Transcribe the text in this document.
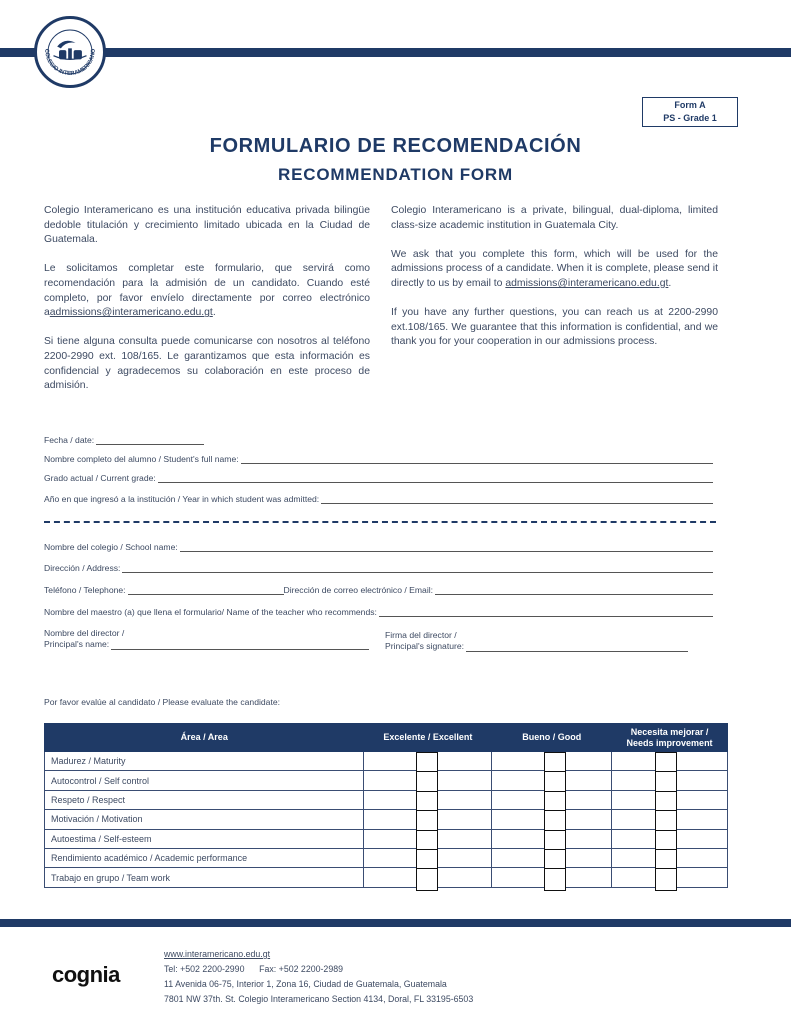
COLEGIO INTERAMERICANO
Form A
PS - Grade 1
FORMULARIO DE RECOMENDACIÓN
RECOMMENDATION FORM

Colegio Interamericano es una institución educativa privada bilingüe dedoble titulación y crecimiento limitado ubicada en la Ciudad de Guatemala.

Le solicitamos completar este formulario, que servirá como recomendación para la admisión de un candidato. Cuando esté completo, por favor envíelo directamente por correo electrónico aadmissions@interamericano.edu.gt.

Si tiene alguna consulta puede comunicarse con nosotros al teléfono 2200-2990 ext. 108/165. Le garantizamos que esta información es confidencial y agradecemos su colaboración en este proceso de admisión.

Colegio Interamericano is a private, bilingual, dual-diploma, limited class-size academic institution in Guatemala City.

We ask that you complete this form, which will be used for the admissions process of a candidate. When it is complete, please send it directly to us by email to admissions@interamericano.edu.gt.

If you have any further questions, you can reach us at 2200-2990 ext.108/165. We guarantee that this information is confidential, and we thank you for your cooperation in our admissions process.

Fecha / date:
Nombre completo del alumno / Student's full name:
Grado actual / Current grade:
Año en que ingresó a la institución / Year in which student was admitted:
Nombre del colegio / School name:
Dirección / Address:
Teléfono / Telephone:	Dirección de correo electrónico / Email:
Nombre del maestro (a) que llena el formulario/ Name of the teacher who recommends:
Nombre del director /
Principal's name:
Firma del director /
Principal's signature:
Por favor evalúe al candidato / Please evaluate the candidate:
Área / Area	Excelente / Excellent	Bueno / Good	Necesita mejorar /
Needs improvement

Madurez / Maturity	

Autocontrol / Self control	

Respeto / Respect	

Motivación / Motivation	

Autoestima / Self-esteem	

Rendimiento académico / Academic performance	

Trabajo en grupo / Team work	

cognia
www.interamericano.edu.gt
Tel: +502 2200-2990      Fax: +502 2200-2989
11 Avenida 06-75, Interior 1, Zona 16, Ciudad de Guatemala, Guatemala
7801 NW 37th. St. Colegio Interamericano Section 4134, Doral, FL 33195-6503
